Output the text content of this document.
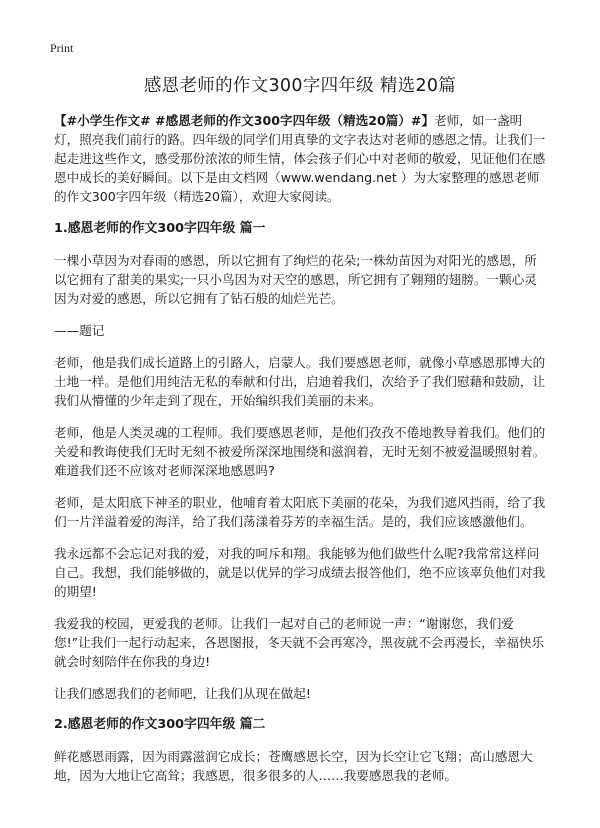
Print
感恩老师的作文300字四年级 精选20篇

【#小学生作文# #感恩老师的作文300字四年级（精选20篇）#】老师，如一盏明灯，照亮我们前行的路。四年级的同学们用真挚的文字表达对老师的感恩之情。让我们一起走进这些作文，感受那份浓浓的师生情，体会孩子们心中对老师的敬爱，见证他们在感恩中成长的美好瞬间。以下是由文档网（www.wendang.net ）为大家整理的感恩老师的作文300字四年级（精选20篇），欢迎大家阅读。

1.感恩老师的作文300字四年级 篇一

一棵小草因为对春雨的感恩，所以它拥有了绚烂的花朵;一株幼苗因为对阳光的感恩，所以它拥有了甜美的果实;一只小鸟因为对天空的感恩，所它拥有了翱翔的翅膀。一颗心灵因为对爱的感恩，所以它拥有了钻石般的灿烂光芒。

——题记

老师，他是我们成长道路上的引路人，启蒙人。我们要感恩老师，就像小草感恩那博大的土地一样。是他们用纯洁无私的奉献和付出，启迪着我们，次给予了我们慰藉和鼓励，让我们从懵懂的少年走到了现在，开始编织我们美丽的未来。

老师，他是人类灵魂的工程师。我们要感恩老师，是他们孜孜不倦地教导着我们。他们的关爱和教诲使我们无时无刻不被爱所深深地围绕和滋润着，无时无刻不被爱温暖照射着。难道我们还不应该对老师深深地感恩吗?

老师，是太阳底下神圣的职业，他哺育着太阳底下美丽的花朵，为我们遮风挡雨，给了我们一片洋溢着爱的海洋，给了我们荡漾着芬芳的幸福生活。是的，我们应该感激他们。

我永远都不会忘记对我的爱，对我的呵斥和翔。我能够为他们做些什么呢?我常常这样问自己。我想，我们能够做的，就是以优异的学习成绩去报答他们，绝不应该辜负他们对我的期望!

我爱我的校园，更爱我的老师。让我们一起对自己的老师说一声：“谢谢您，我们爱您!”让我们一起行动起来，各恩图报，冬天就不会再寒冷，黑夜就不会再漫长，幸福快乐就会时刻陪伴在你我的身边!

让我们感恩我们的老师吧，让我们从现在做起!

2.感恩老师的作文300字四年级 篇二

鲜花感恩雨露，因为雨露滋润它成长；苍鹰感恩长空，因为长空让它飞翔；高山感恩大地，因为大地让它高耸；我感恩，很多很多的人……我要感恩我的老师。
